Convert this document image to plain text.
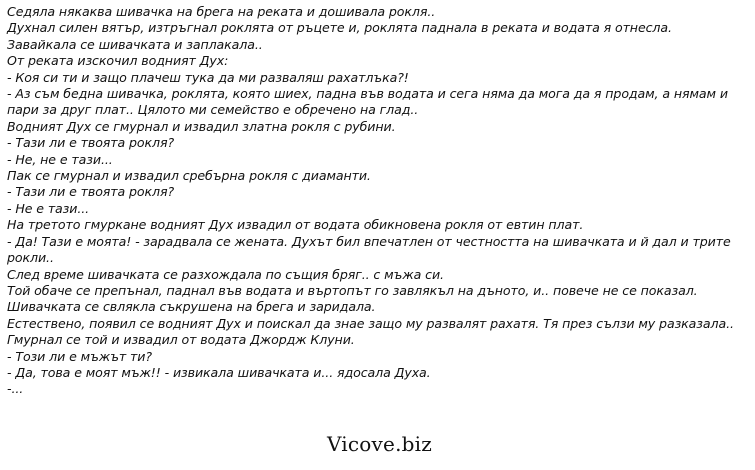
Седяла някаква шивачка на брега на реката и дошивала рокля..

Духнал силен вятър, изтръгнал роклята от ръцете и, роклята паднала в реката и водата я отнесла.

Завайкала се шивачката и заплакала..

От реката изскочил водният Дух:

- Коя си ти и защо плачеш тука да ми разваляш рахатлъка?!

- Аз съм бедна шивачка, роклята, която шиех, падна във водата и сега няма да мога да я продам, а нямам и пари за друг плат.. Цялото ми семейство е обречено на глад..

Водният Дух се гмурнал и извадил златна рокля с рубини.

- Тази ли е твоята рокля?

- Не, не е тази...

Пак се гмурнал и извадил сребърна рокля с диаманти.

- Тази ли е твоята рокля?

- Не е тази...

На третото гмуркане водният Дух извадил от водата обикновена рокля от евтин плат.

- Да! Тази е моята! - зарадвала се жената. Духът бил впечатлен от честността на шивачката и й дал и трите рокли..

След време шивачката се разхождала по същия бряг.. с мъжа си.

Той обаче се препънал, паднал във водата и въртопът го завлякъл на дъното, и.. повече не се показал.

Шивачката се свлякла съкрушена на брега и заридала.

Естествено, появил се водният Дух и поискал да знае защо му развалят рахатя. Тя през сълзи му разказала..

Гмурнал се той и извадил от водата Джордж Клуни.

- Този ли е мъжът ти?

- Да, това е моят мъж!! - извикала шивачката и... ядосала Духа.

-...

Vicove.biz
